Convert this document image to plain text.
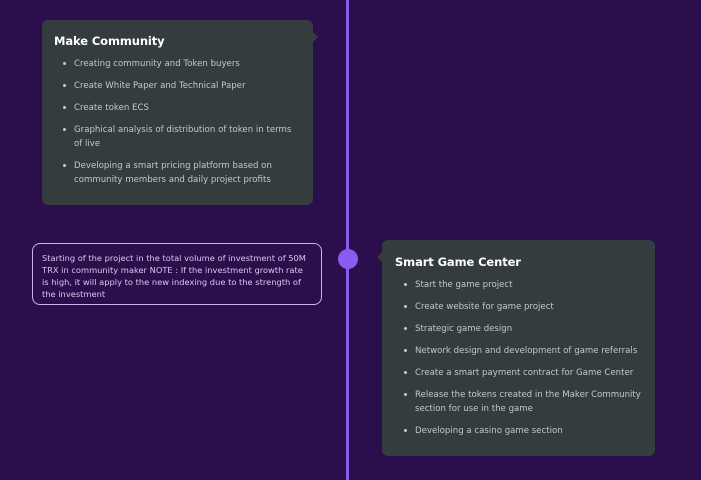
Make Community
Creating community and Token buyers
Create White Paper and Technical Paper
Create token ECS
Graphical analysis of distribution of token in terms of live
Developing a smart pricing platform based on community members and daily project profits
Starting of the project in the total volume of investment of 50M TRX in community maker NOTE : If the investment growth rate is high, it will apply to the new indexing due to the strength of the investment
Smart Game Center
Start the game project
Create website for game project
Strategic game design
Network design and development of game referrals
Create a smart payment contract for Game Center
Release the tokens created in the Maker Community section for use in the game
Developing a casino game section
